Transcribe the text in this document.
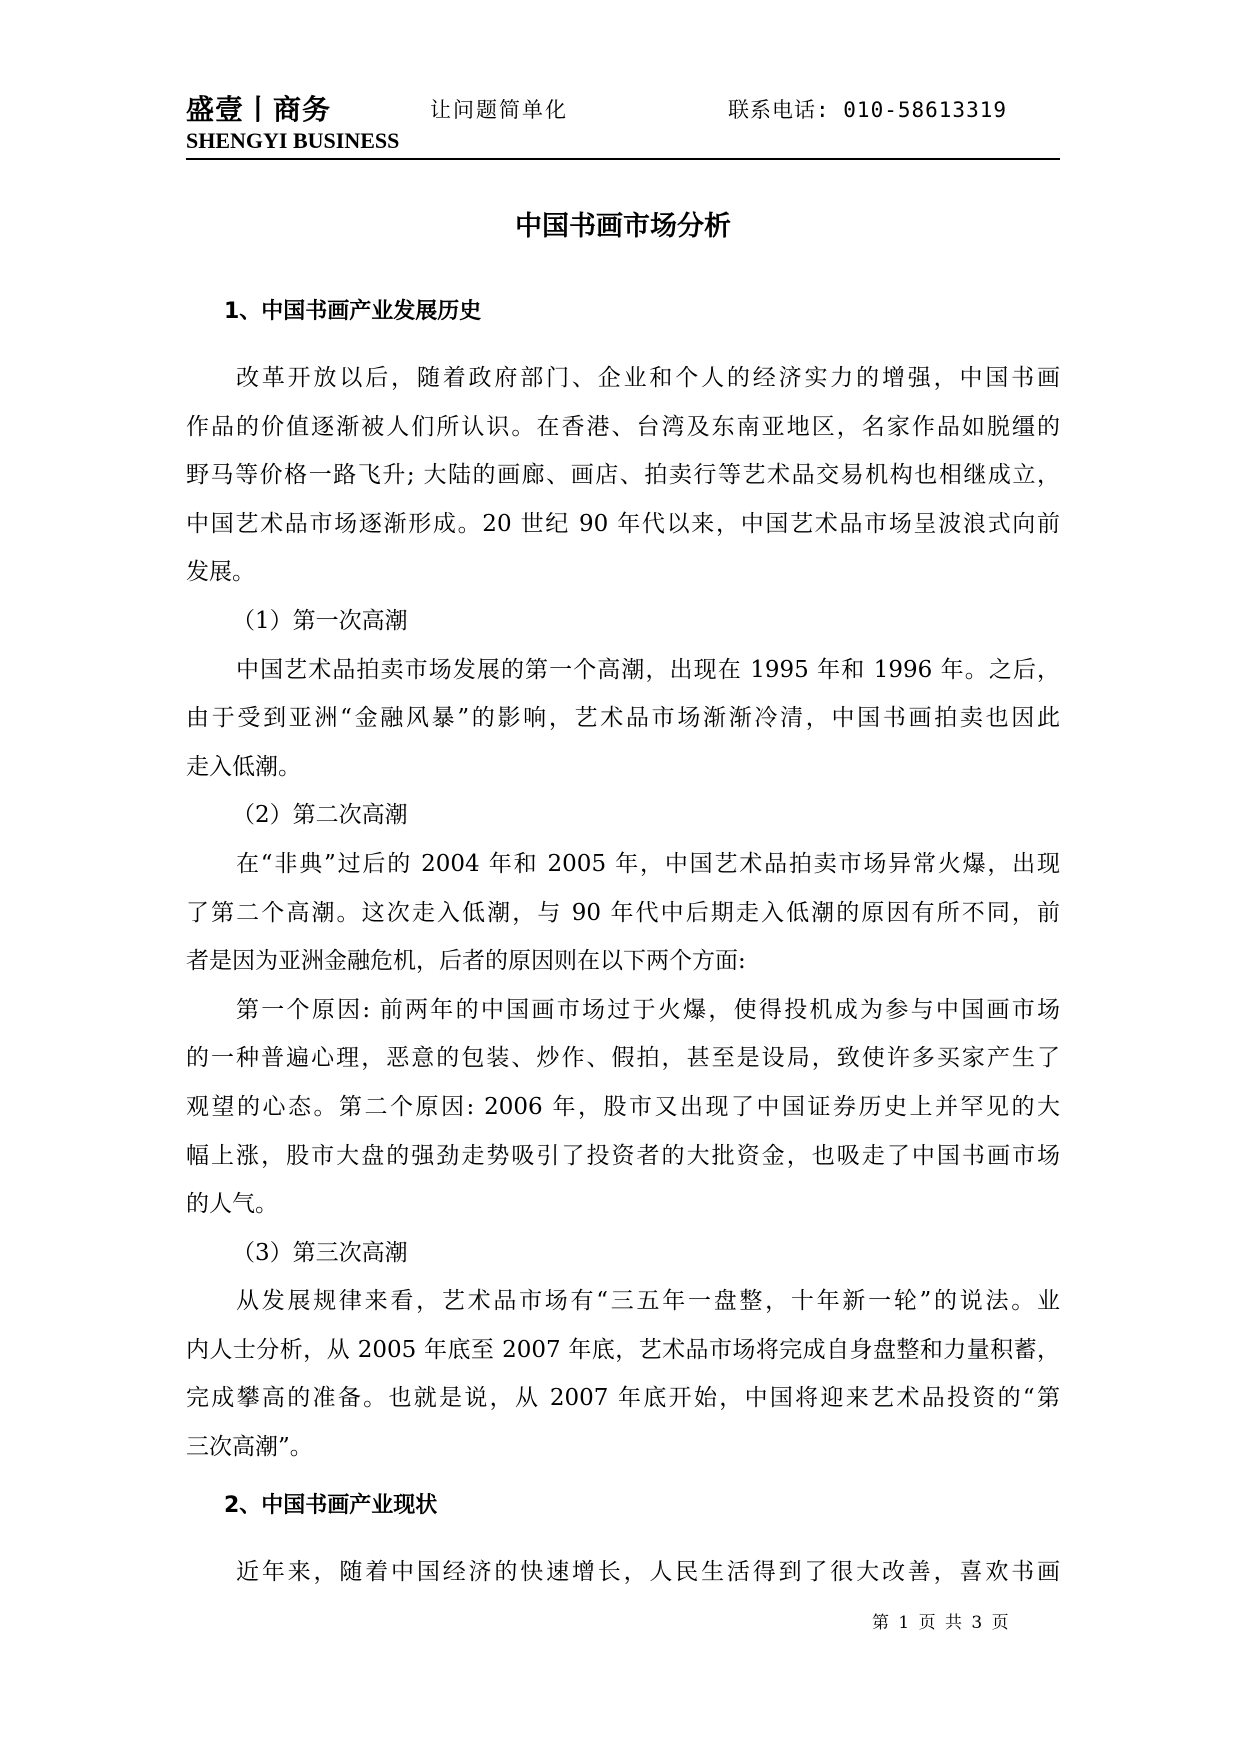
盛壹丨商务
SHENGYI BUSINESS
让问题简单化	联系电话: 010-58613319
中国书画市场分析
1、中国书画产业发展历史
改革开放以后，随着政府部门、企业和个人的经济实力的增强，中国书画
作品的价值逐渐被人们所认识。在香港、台湾及东南亚地区，名家作品如脱缰的
野马等价格一路飞升; 大陆的画廊、画店、拍卖行等艺术品交易机构也相继成立，
中国艺术品市场逐渐形成。20 世纪 90 年代以来，中国艺术品市场呈波浪式向前
发展。
（1）第一次高潮
中国艺术品拍卖市场发展的第一个高潮，出现在 1995 年和 1996 年。之后，
由于受到亚洲“金融风暴”的影响，艺术品市场渐渐冷清，中国书画拍卖也因此
走入低潮。
（2）第二次高潮
在“非典”过后的 2004 年和 2005 年，中国艺术品拍卖市场异常火爆，出现
了第二个高潮。这次走入低潮，与 90 年代中后期走入低潮的原因有所不同，前
者是因为亚洲金融危机，后者的原因则在以下两个方面:
第一个原因: 前两年的中国画市场过于火爆，使得投机成为参与中国画市场
的一种普遍心理，恶意的包装、炒作、假拍，甚至是设局，致使许多买家产生了
观望的心态。第二个原因: 2006 年，股市又出现了中国证券历史上并罕见的大
幅上涨，股市大盘的强劲走势吸引了投资者的大批资金，也吸走了中国书画市场
的人气。
（3）第三次高潮
从发展规律来看，艺术品市场有“三五年一盘整，十年新一轮”的说法。业
内人士分析，从 2005 年底至 2007 年底，艺术品市场将完成自身盘整和力量积蓄，
完成攀高的准备。也就是说，从 2007 年底开始，中国将迎来艺术品投资的“第
三次高潮”。
2、中国书画产业现状
近年来，随着中国经济的快速增长，人民生活得到了很大改善，喜欢书画
第 1 页 共 3 页
